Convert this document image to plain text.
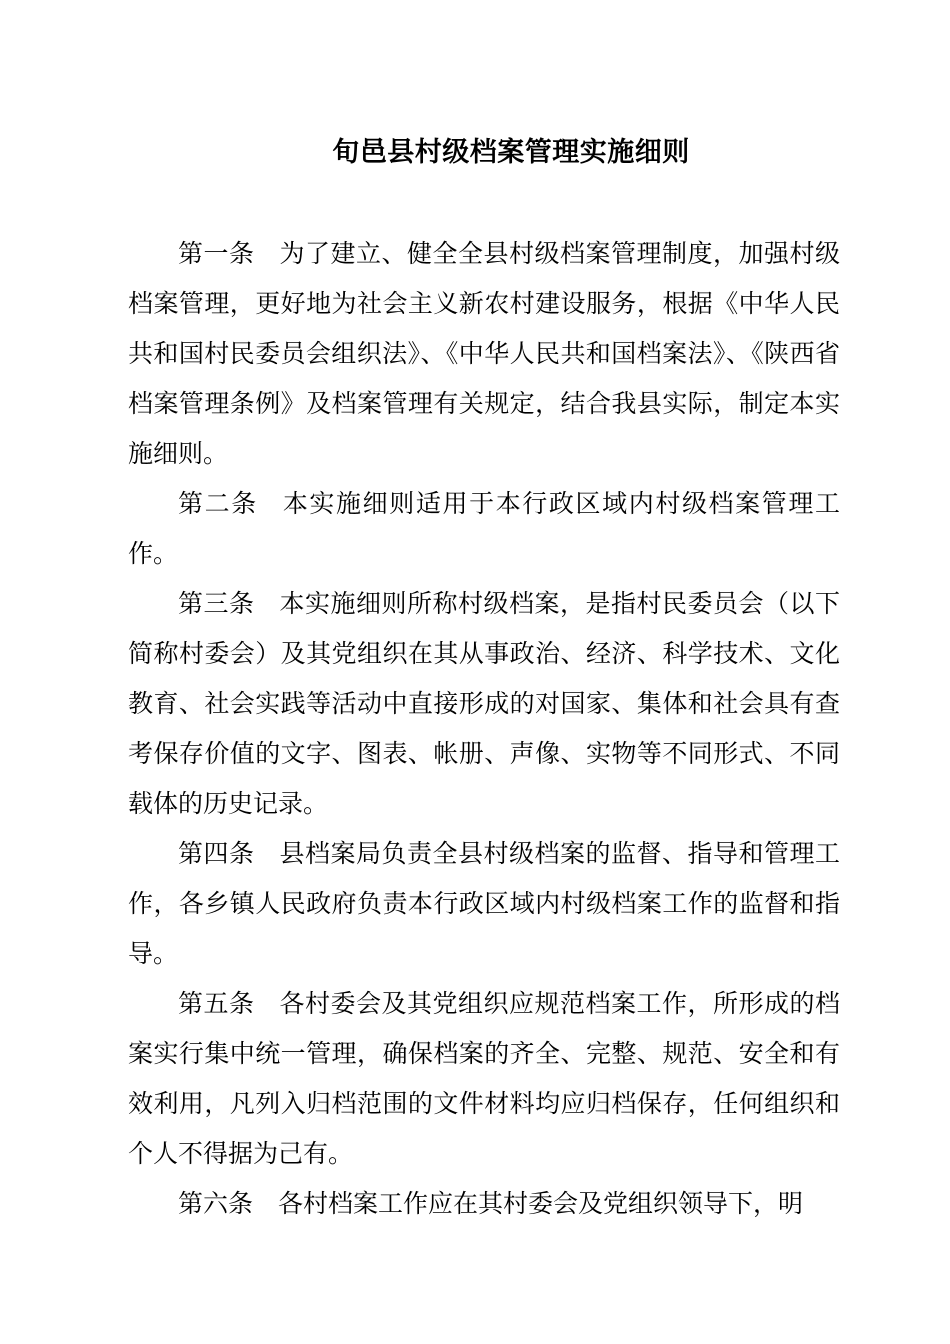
旬邑县村级档案管理实施细则

第一条 为了建立、健全全县村级档案管理制度，加强村级档案管理，更好地为社会主义新农村建设服务，根据《中华人民共和国村民委员会组织法》、《中华人民共和国档案法》、《陕西省档案管理条例》及档案管理有关规定，结合我县实际，制定本实施细则。

第二条 本实施细则适用于本行政区域内村级档案管理工作。

第三条 本实施细则所称村级档案，是指村民委员会（以下简称村委会）及其党组织在其从事政治、经济、科学技术、文化教育、社会实践等活动中直接形成的对国家、集体和社会具有查考保存价值的文字、图表、帐册、声像、实物等不同形式、不同载体的历史记录。

第四条 县档案局负责全县村级档案的监督、指导和管理工作，各乡镇人民政府负责本行政区域内村级档案工作的监督和指导。

第五条 各村委会及其党组织应规范档案工作，所形成的档案实行集中统一管理，确保档案的齐全、完整、规范、安全和有效利用，凡列入归档范围的文件材料均应归档保存，任何组织和个人不得据为己有。

第六条 各村档案工作应在其村委会及党组织领导下，明
